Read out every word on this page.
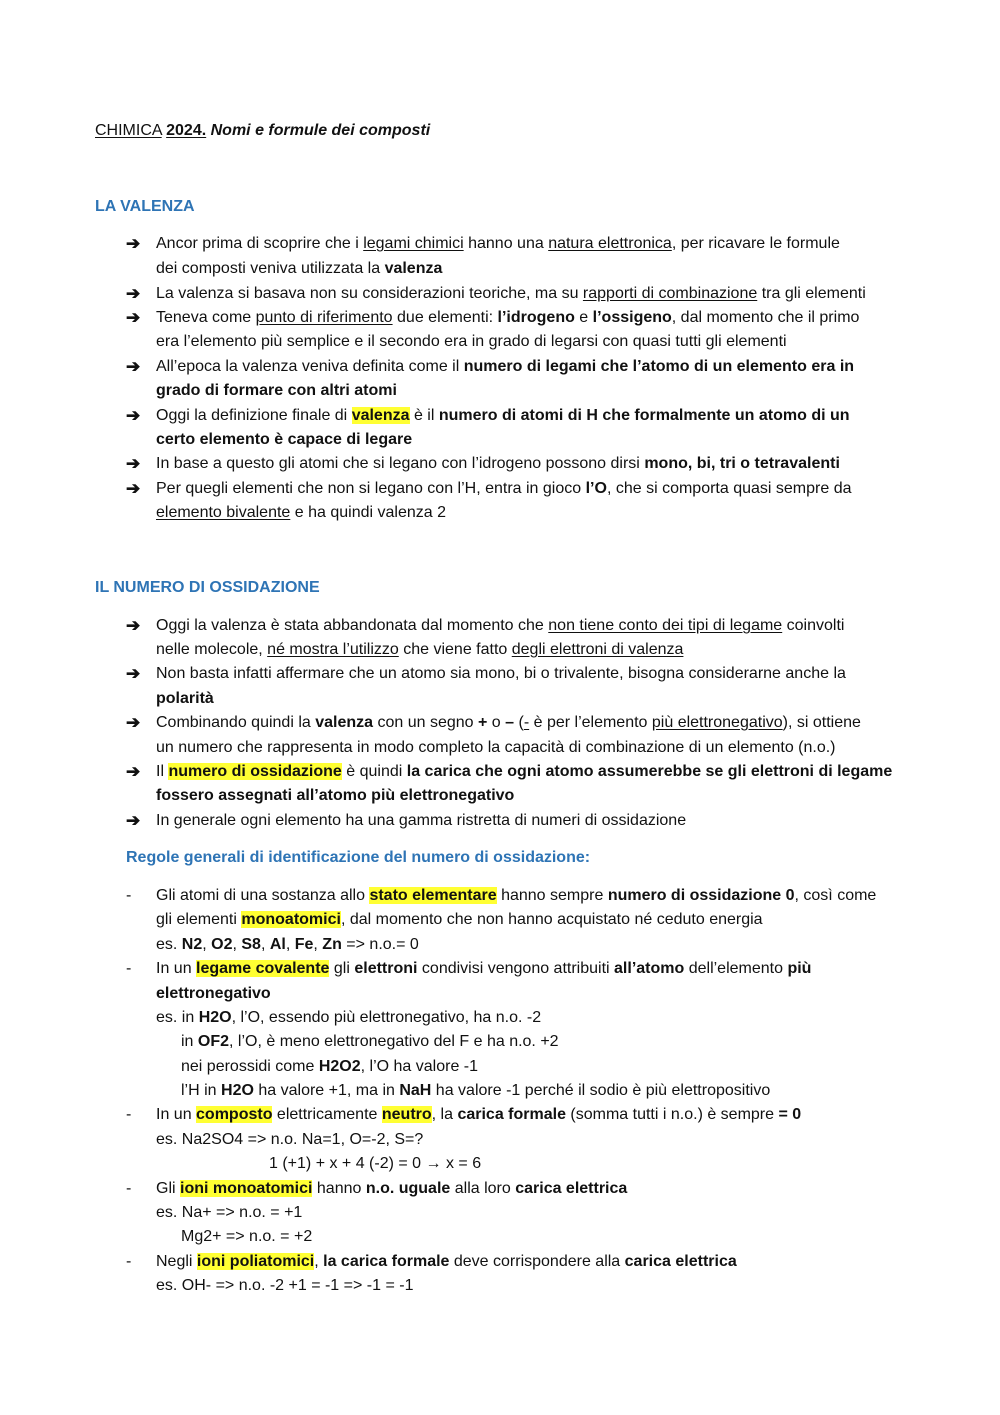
CHIMICA 2024. Nomi e formule dei composti
LA VALENZA
➔ Ancor prima di scoprire che i legami chimici hanno una natura elettronica, per ricavare le formule
dei composti veniva utilizzata la valenza
➔ La valenza si basava non su considerazioni teoriche, ma su rapporti di combinazione tra gli elementi
➔ Teneva come punto di riferimento due elementi: l’idrogeno e l’ossigeno, dal momento che il primo
era l’elemento più semplice e il secondo era in grado di legarsi con quasi tutti gli elementi
➔ All’epoca la valenza veniva definita come il numero di legami che l’atomo di un elemento era in
grado di formare con altri atomi
➔ Oggi la definizione finale di valenza è il numero di atomi di H che formalmente un atomo di un
certo elemento è capace di legare
➔ In base a questo gli atomi che si legano con l’idrogeno possono dirsi mono, bi, tri o tetravalenti
➔ Per quegli elementi che non si legano con l’H, entra in gioco l’O, che si comporta quasi sempre da
elemento bivalente e ha quindi valenza 2
IL NUMERO DI OSSIDAZIONE
➔ Oggi la valenza è stata abbandonata dal momento che non tiene conto dei tipi di legame coinvolti
nelle molecole, né mostra l’utilizzo che viene fatto degli elettroni di valenza
➔ Non basta infatti affermare che un atomo sia mono, bi o trivalente, bisogna considerarne anche la
polarità
➔ Combinando quindi la valenza con un segno + o – (- è per l’elemento più elettronegativo), si ottiene
un numero che rappresenta in modo completo la capacità di combinazione di un elemento (n.o.)
➔ Il numero di ossidazione è quindi la carica che ogni atomo assumerebbe se gli elettroni di legame
fossero assegnati all’atomo più elettronegativo
➔ In generale ogni elemento ha una gamma ristretta di numeri di ossidazione
Regole generali di identificazione del numero di ossidazione:
- Gli atomi di una sostanza allo stato elementare hanno sempre numero di ossidazione 0, così come
gli elementi monoatomici, dal momento che non hanno acquistato né ceduto energia
es. N2, O2, S8, Al, Fe, Zn => n.o.= 0
- In un legame covalente gli elettroni condivisi vengono attribuiti all’atomo dell’elemento più
elettronegativo
es. in H2O, l’O, essendo più elettronegativo, ha n.o. -2
in OF2, l’O, è meno elettronegativo del F e ha n.o. +2
nei perossidi come H2O2, l’O ha valore -1
l’H in H2O ha valore +1, ma in NaH ha valore -1 perché il sodio è più elettropositivo
- In un composto elettricamente neutro, la carica formale (somma tutti i n.o.) è sempre = 0
es. Na2SO4 => n.o. Na=1, O=-2, S=?
1 (+1) + x + 4 (-2) = 0 → x = 6
- Gli ioni monoatomici hanno n.o. uguale alla loro carica elettrica
es. Na+ => n.o. = +1
Mg2+ => n.o. = +2
- Negli ioni poliatomici, la carica formale deve corrispondere alla carica elettrica
es. OH- => n.o. -2 +1 = -1 => -1 = -1
